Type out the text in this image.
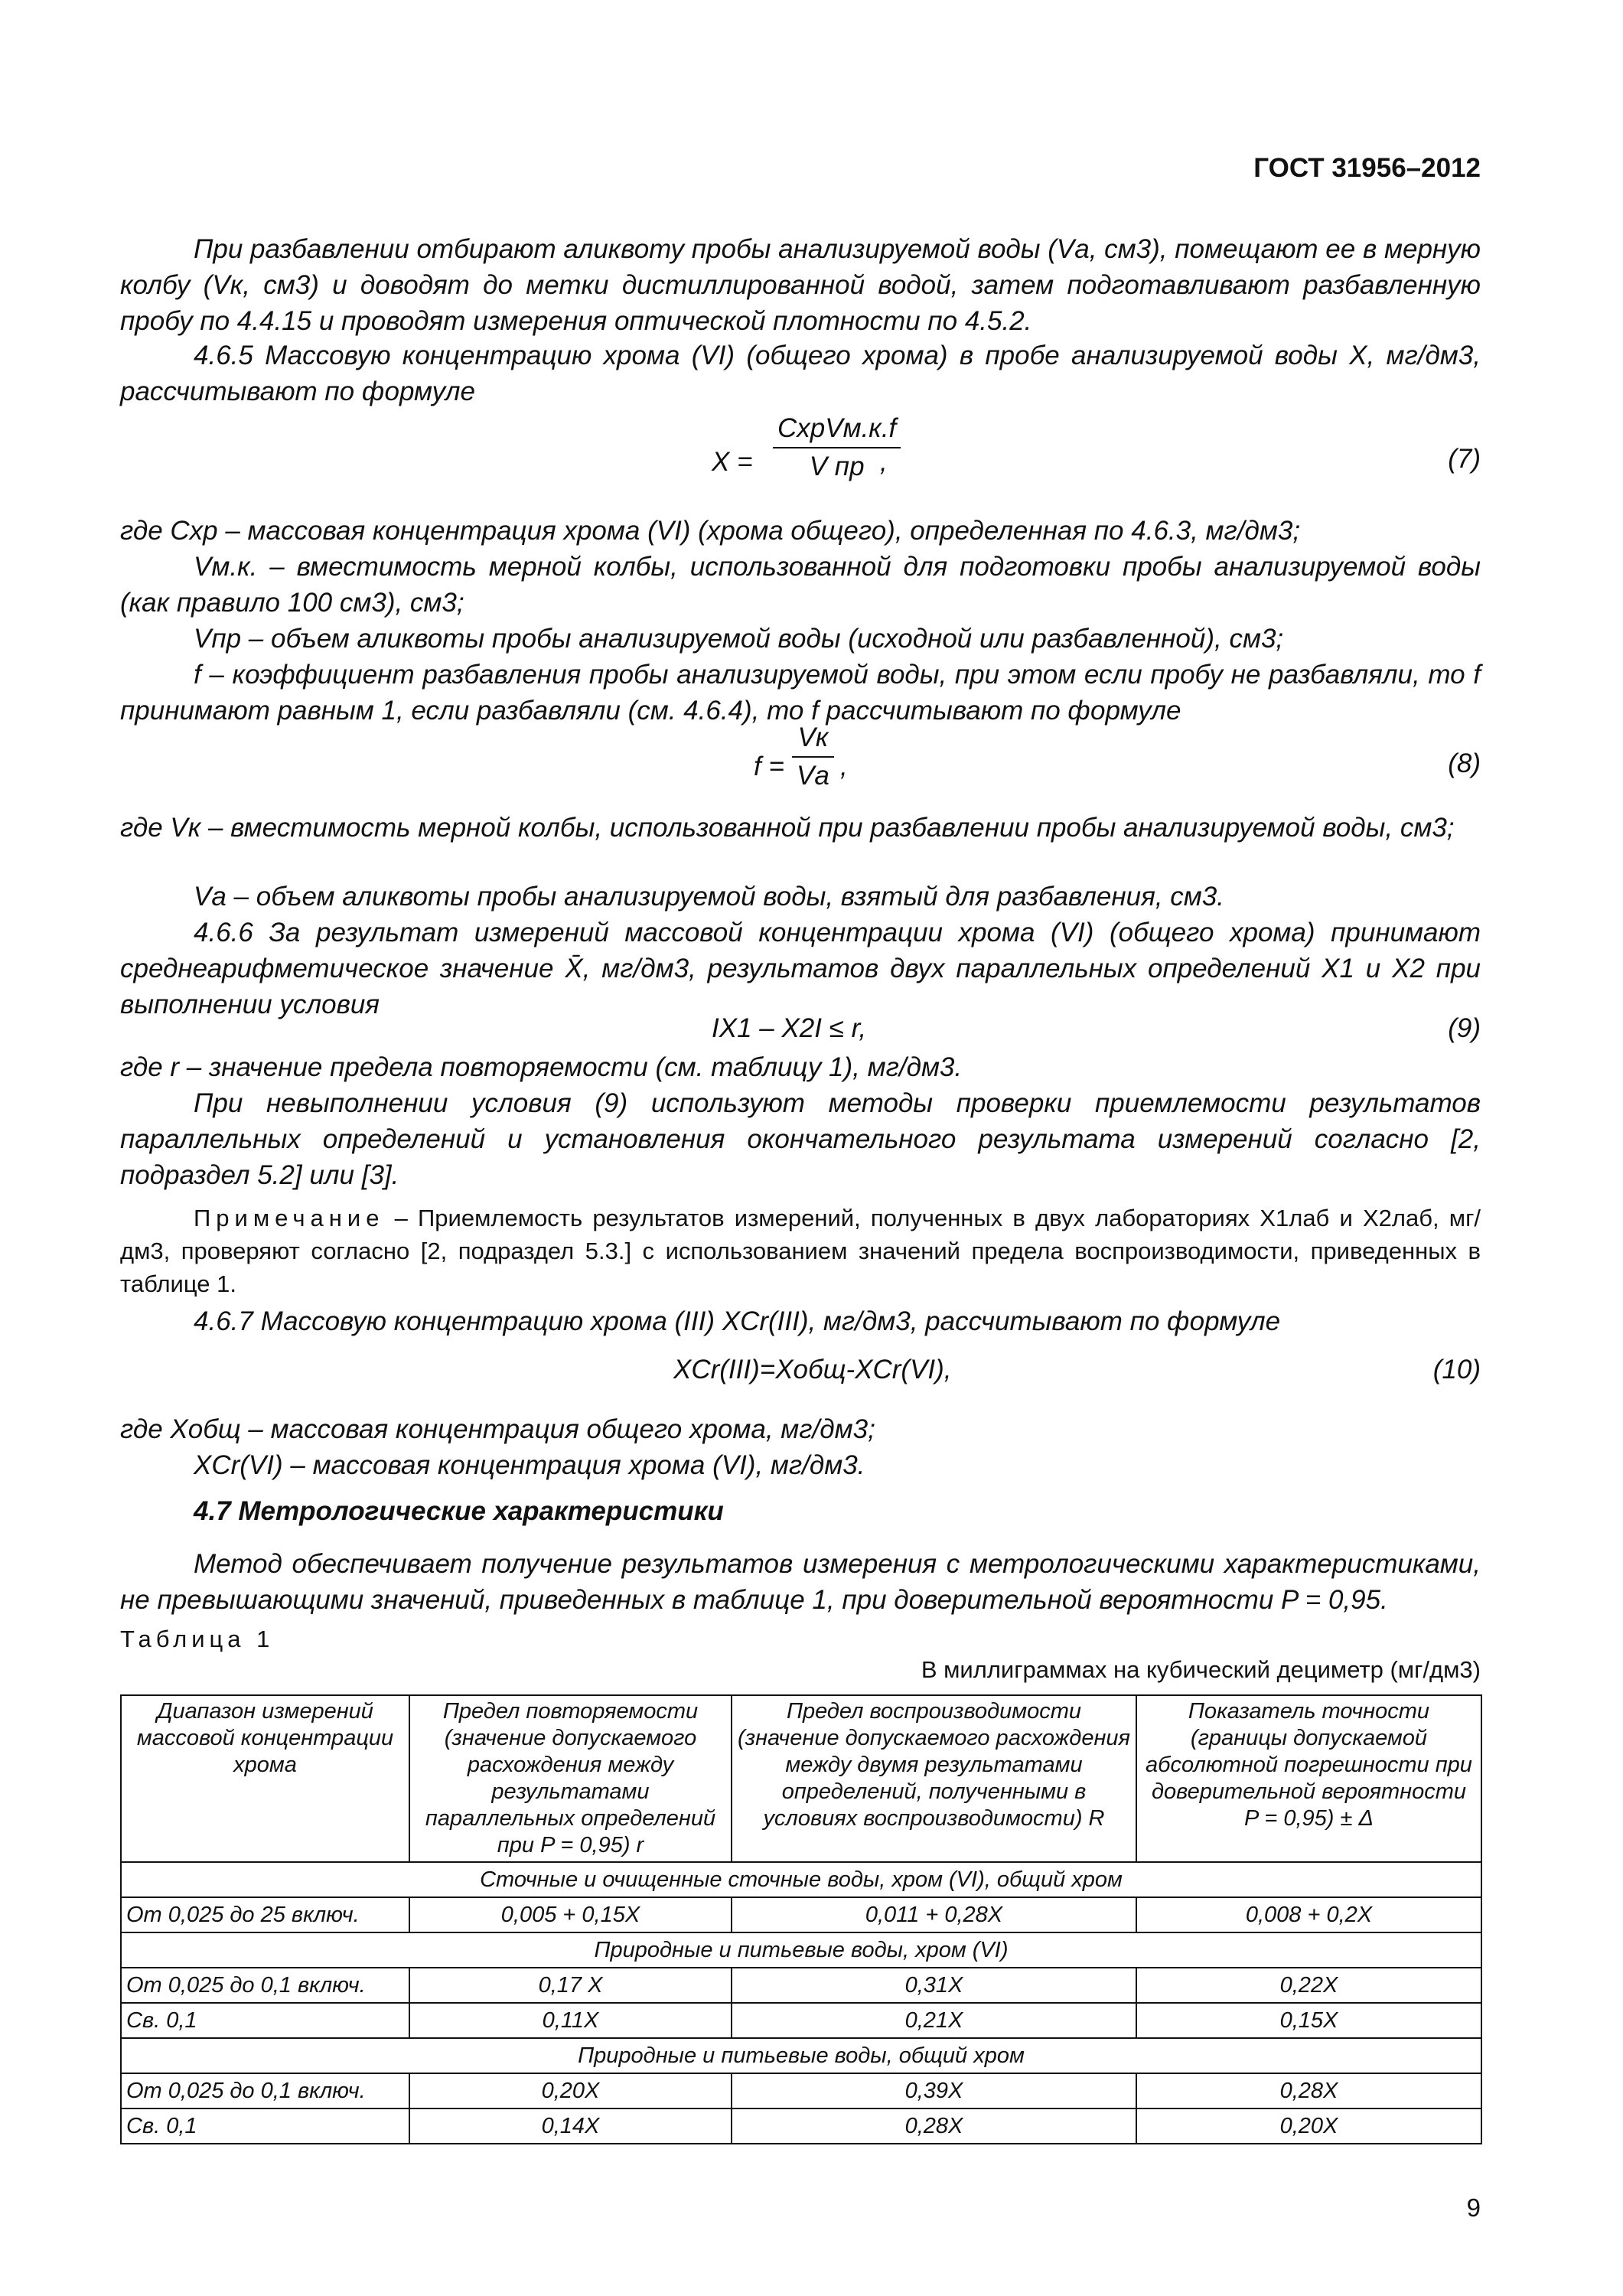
ГОСТ 31956–2012
При разбавлении отбирают аликвоту пробы анализируемой воды (Vа, см3), помещают ее в мерную колбу (Vк, см3) и доводят до метки дистиллированной водой, затем подготавливают разбавленную пробу по 4.4.15 и проводят измерения оптической плотности по 4.5.2.
4.6.5 Массовую концентрацию хрома (VI) (общего хрома) в пробе анализируемой воды X, мг/дм3, рассчитывают по формуле
X =
CхрVм.к.f
V пр ,	(7)
где Cхр – массовая концентрация хрома (VI) (хрома общего), определенная по 4.6.3, мг/дм3;
Vм.к. – вместимость мерной колбы, использованной для подготовки пробы анализируемой воды (как правило 100 см3), см3;
Vпр – объем аликвоты пробы анализируемой воды (исходной или разбавленной), см3;
f – коэффициент разбавления пробы анализируемой воды, при этом если пробу не разбавляли, то f принимают равным 1, если разбавляли (см. 4.6.4), то f рассчитывают по формуле
f =
Vк
Vа ,	(8)
где Vк – вместимость мерной колбы, использованной при разбавлении пробы анализируемой воды, см3;
Vа – объем аликвоты пробы анализируемой воды, взятый для разбавления, см3.
4.6.6 За результат измерений массовой концентрации хрома (VI) (общего хрома) принимают среднеарифметическое значение X̄, мг/дм3, результатов двух параллельных определений X1 и X2 при выполнении условия
IX1 – X2I ≤ r,	(9)
где r – значение предела повторяемости (см. таблицу 1), мг/дм3.
При невыполнении условия (9) используют методы проверки приемлемости результатов параллельных определений и установления окончательного результата измерений согласно [2, подраздел 5.2] или [3].
Примечание – Приемлемость результатов измерений, полученных в двух лабораториях X1лаб и X2лаб, мг/дм3, проверяют согласно [2, подраздел 5.3.] с использованием значений предела воспроизводимости, приведенных в таблице 1.
4.6.7 Массовую концентрацию хрома (III) XCr(III), мг/дм3, рассчитывают по формуле
XCr(III)=Xобщ-XCr(VI),	(10)
где Xобщ – массовая концентрация общего хрома, мг/дм3;
XCr(VI) – массовая концентрация хрома (VI), мг/дм3.
4.7 Метрологические характеристики
Метод обеспечивает получение результатов измерения с метрологическими характеристиками, не превышающими значений, приведенных в таблице 1, при доверительной вероятности P = 0,95.
Таблица 1
В миллиграммах на кубический дециметр (мг/дм3)
Диапазон измерений массовой концентрации хрома	Предел повторяемости (значение допускаемого расхождения между результатами параллельных определений при P = 0,95) r	Предел воспроизводимости (значение допускаемого расхождения между двумя результатами определений, полученными в условиях воспроизводимости) R	Показатель точности (границы допускаемой абсолютной погрешности при доверительной вероятности P = 0,95) ± Δ
Сточные и очищенные сточные воды, хром (VI), общий хром			
От 0,025 до 25 включ.	0,005 + 0,15X	0,011 + 0,28X	0,008 + 0,2X
Природные и питьевые воды, хром (VI)			
От 0,025 до 0,1 включ.	0,17 X	0,31X	0,22X
Св. 0,1	0,11X	0,21X	0,15X
Природные и питьевые воды, общий хром			
От 0,025 до 0,1 включ.	0,20X	0,39X	0,28X
Св. 0,1	0,14X	0,28X	0,20X
9
